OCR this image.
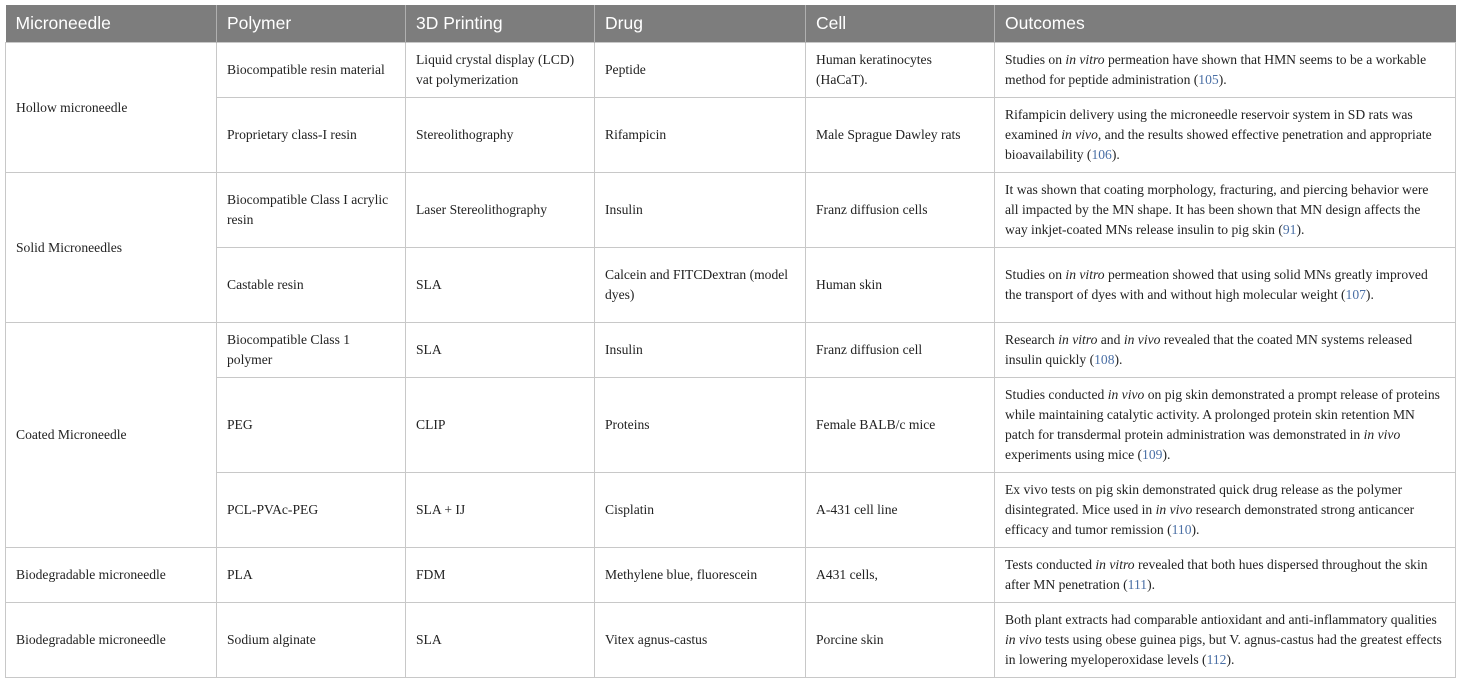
Microneedle	Polymer	3D Printing	Drug	Cell	Outcomes
Hollow microneedle	Biocompatible resin material	Liquid crystal display (LCD) vat polymerization	Peptide	Human keratinocytes (HaCaT).	Studies on in vitro permeation have shown that HMN seems to be a workable method for peptide administration (105).
	Proprietary class-I resin	Stereolithography	Rifampicin	Male Sprague Dawley rats	Rifampicin delivery using the microneedle reservoir system in SD rats was examined in vivo, and the results showed effective penetration and appropriate bioavailability (106).
Solid Microneedles	Biocompatible Class I acrylic resin	Laser Stereolithography	Insulin	Franz diffusion cells	It was shown that coating morphology, fracturing, and piercing behavior were all impacted by the MN shape. It has been shown that MN design affects the way inkjet-coated MNs release insulin to pig skin (91).
	Castable resin	SLA	Calcein and FITCDextran (model dyes)	Human skin	Studies on in vitro permeation showed that using solid MNs greatly improved the transport of dyes with and without high molecular weight (107).
Coated Microneedle	Biocompatible Class 1 polymer	SLA	Insulin	Franz diffusion cell	Research in vitro and in vivo revealed that the coated MN systems released insulin quickly (108).
	PEG	CLIP	Proteins	Female BALB/c mice	Studies conducted in vivo on pig skin demonstrated a prompt release of proteins while maintaining catalytic activity. A prolonged protein skin retention MN patch for transdermal protein administration was demonstrated in in vivo experiments using mice (109).
	PCL-PVAc-PEG	SLA + IJ	Cisplatin	A-431 cell line	Ex vivo tests on pig skin demonstrated quick drug release as the polymer disintegrated. Mice used in in vivo research demonstrated strong anticancer efficacy and tumor remission (110).
Biodegradable microneedle	PLA	FDM	Methylene blue, fluorescein	A431 cells,	Tests conducted in vitro revealed that both hues dispersed throughout the skin after MN penetration (111).
Biodegradable microneedle	Sodium alginate	SLA	Vitex agnus-castus	Porcine skin	Both plant extracts had comparable antioxidant and anti-inflammatory qualities in vivo tests using obese guinea pigs, but V. agnus-castus had the greatest effects in lowering myeloperoxidase levels (112).
